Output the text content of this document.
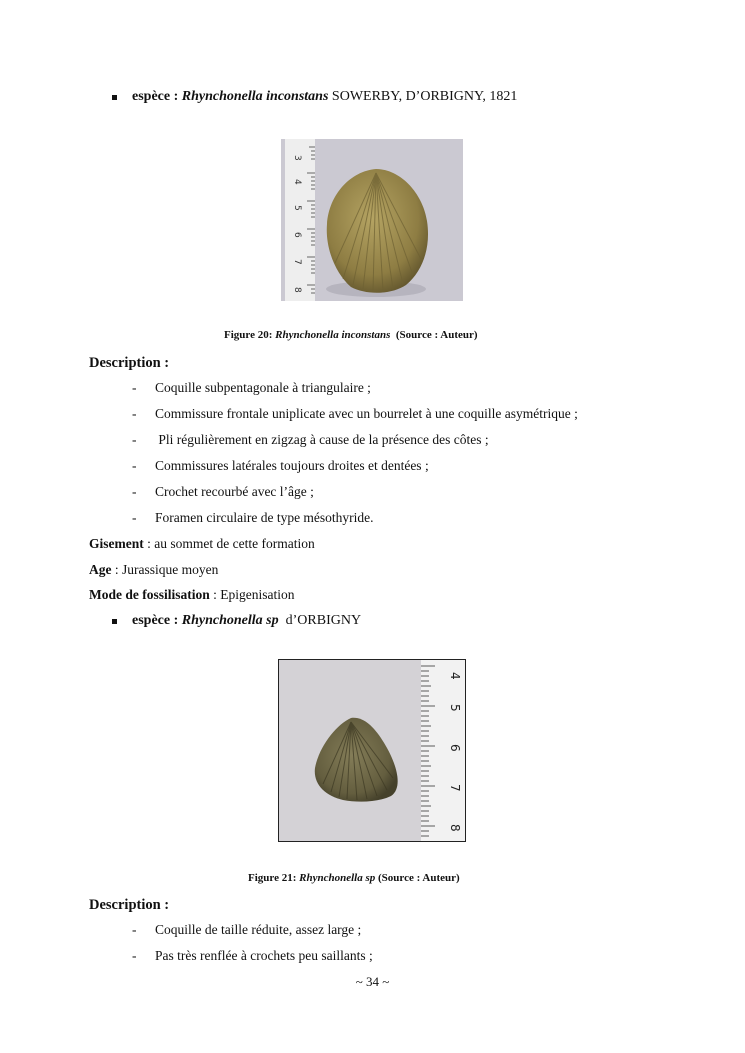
espèce : Rhynchonella inconstans SOWERBY, D’ORBIGNY, 1821
3
4
5
6
7
8
Figure 20: Rhynchonella inconstans  (Source : Auteur)
Description :
- Coquille subpentagonale à triangulaire ;
- Commissure frontale uniplicate avec un bourrelet à une coquille asymétrique ;
- Pli régulièrement en zigzag à cause de la présence des côtes ;
- Commissures latérales toujours droites et dentées ;
- Crochet recourbé avec l’âge ;
- Foramen circulaire de type mésothyride.
Gisement : au sommet de cette formation
Age : Jurassique moyen
Mode de fossilisation : Epigenisation
espèce : Rhynchonella sp  d’ORBIGNY
4
5
6
7
8
Figure 21: Rhynchonella sp (Source : Auteur)
Description :
- Coquille de taille réduite, assez large ;
- Pas très renflée à crochets peu saillants ;
~ 34 ~
